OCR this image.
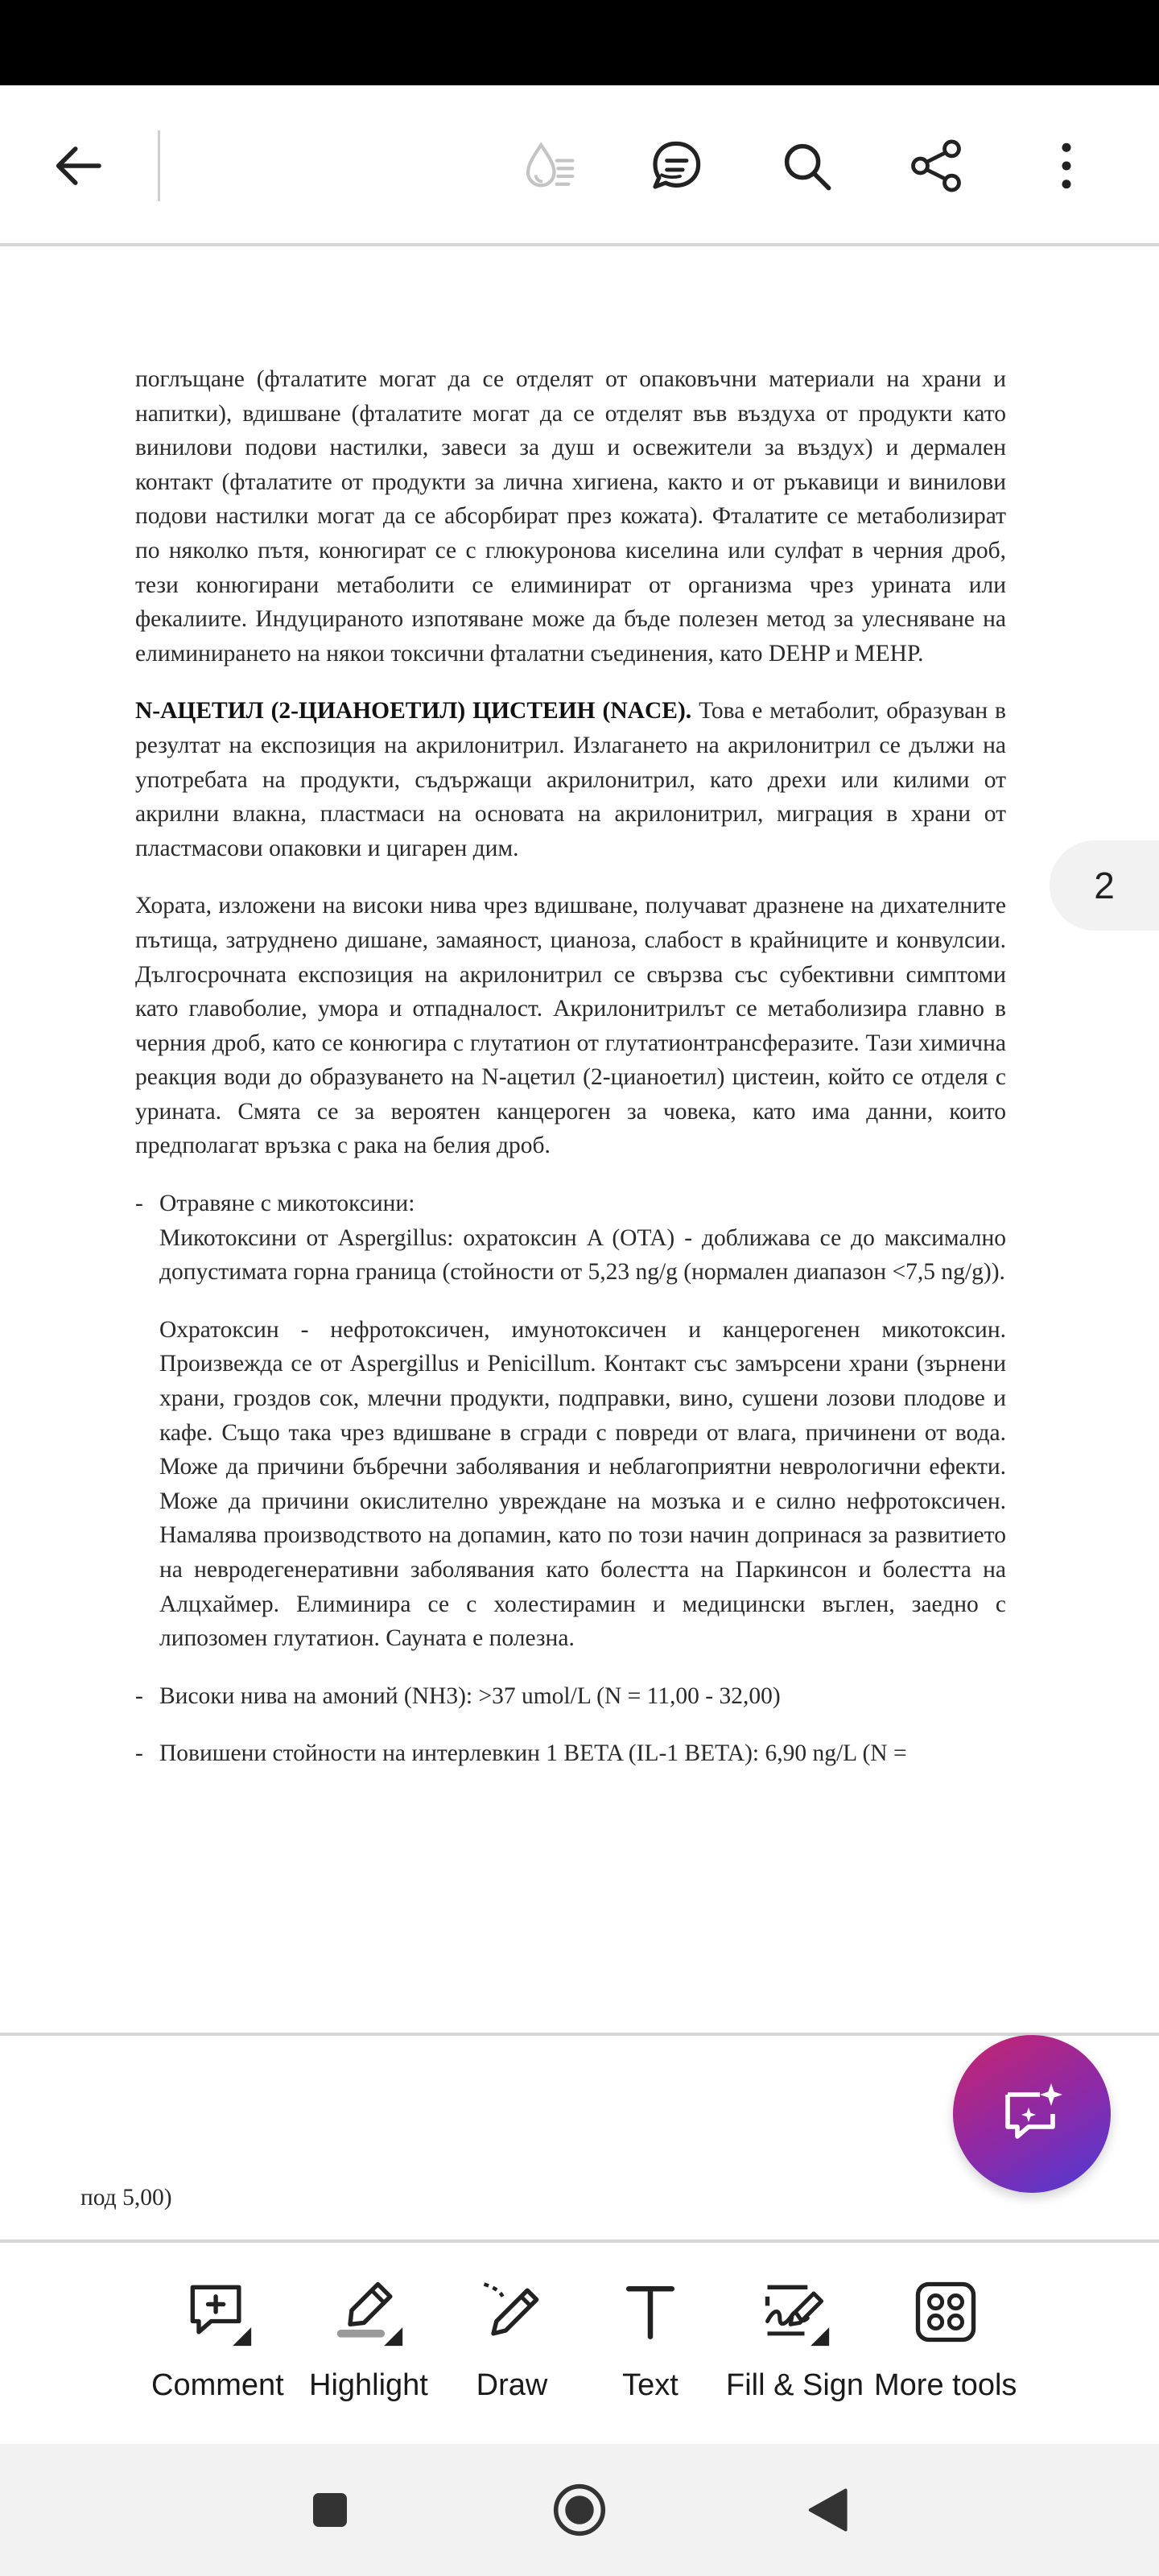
поглъщане (фталатите могат да се отделят от опаковъчни материали на храни и напитки), вдишване (фталатите могат да се отделят във въздуха от продукти като винилови подови настилки, завеси за душ и освежители за въздух) и дермален контакт (фталатите от продукти за лична хигиена, както и от ръкавици и винилови подови настилки могат да се абсорбират през кожата). Фталатите се метаболизират по няколко пътя, конюгират се с глюкуронова киселина или сулфат в черния дроб, тези конюгирани метаболити се елиминират от организма чрез урината или фекалиите. Индуцираното изпотяване може да бъде полезен метод за улесняване на елиминирането на някои токсични фталатни съединения, като DEHP и MEHP.

N-АЦЕТИЛ (2-ЦИАНОЕТИЛ) ЦИСТЕИН (NACE). Това е метаболит, образуван в резултат на експозиция на акрилонитрил. Излагането на акрилонитрил се дължи на употребата на продукти, съдържащи акрилонитрил, като дрехи или килими от акрилни влакна, пластмаси на основата на акрилонитрил, миграция в храни от пластмасови опаковки и цигарен дим.

Хората, изложени на високи нива чрез вдишване, получават дразнене на дихателните пътища, затруднено дишане, замаяност, цианоза, слабост в крайниците и конвулсии. Дългосрочната експозиция на акрилонитрил се свързва със субективни симптоми като главоболие, умора и отпадналост. Акрилонитрилът се метаболизира главно в черния дроб, като се конюгира с глутатион от глутатионтрансферазите. Тази химична реакция води до образуването на N-ацетил (2-цианоетил) цистеин, който се отделя с урината. Смята се за вероятен канцероген за човека, като има данни, които предполагат връзка с рака на белия дроб.

- Отравяне с микотоксини:

Микотоксини от Aspergillus: охратоксин A (OTA) - доближава се до максимално допустимата горна граница (стойности от 5,23 ng/g (нормален диапазон <7,5 ng/g)).

Охратоксин - нефротоксичен, имунотоксичен и канцерогенен микотоксин. Произвежда се от Aspergillus и Penicillum. Контакт със замърсени храни (зърнени храни, гроздов сок, млечни продукти, подправки, вино, сушени лозови плодове и кафе. Също така чрез вдишване в сгради с повреди от влага, причинени от вода. Може да причини бъбречни заболявания и неблагоприятни неврологични ефекти. Може да причини окислително увреждане на мозъка и е силно нефротоксичен. Намалява производството на допамин, като по този начин допринася за развитието на невродегенеративни заболявания като болестта на Паркинсон и болестта на Алцхаймер. Елиминира се с холестирамин и медицински въглен, заедно с липозомен глутатион. Сауната е полезна.

- Високи нива на амоний (NH3): >37 umol/L (N = 11,00 - 32,00)
- Повишени стойности на интерлевкин 1 BETA (IL-1 BETA): 6,90 ng/L (N =
2
под 5,00)
Comment Highlight Draw Text Fill & Sign More tools
